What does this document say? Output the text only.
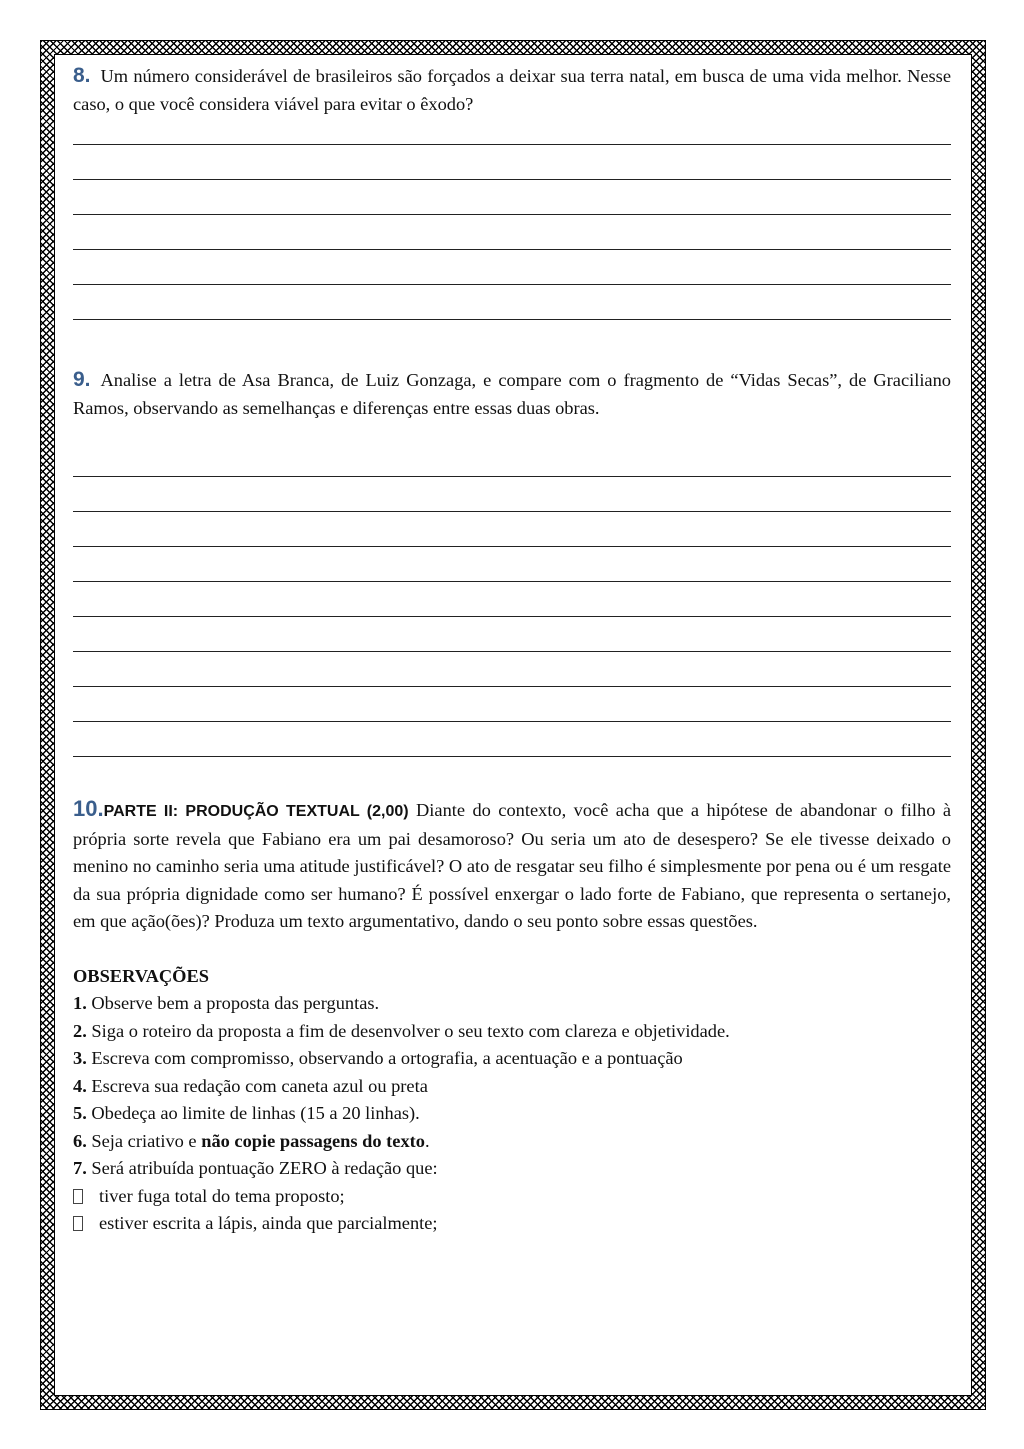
8. Um número considerável de brasileiros são forçados a deixar sua terra natal, em busca de uma vida melhor. Nesse caso, o que você considera viável para evitar o êxodo?

9. Analise a letra de Asa Branca, de Luiz Gonzaga, e compare com o fragmento de “Vidas Secas”, de Graciliano Ramos, observando as semelhanças e diferenças entre essas duas obras.

10.PARTE II: PRODUÇÃO TEXTUAL (2,00) Diante do contexto, você acha que a hipótese de abandonar o filho à própria sorte revela que Fabiano era um pai desamoroso? Ou seria um ato de desespero? Se ele tivesse deixado o menino no caminho seria uma atitude justificável? O ato de resgatar seu filho é simplesmente por pena ou é um resgate da sua própria dignidade como ser humano? É possível enxergar o lado forte de Fabiano, que representa o sertanejo, em que ação(ões)? Produza um texto argumentativo, dando o seu ponto sobre essas questões.

OBSERVAÇÕES

1. Observe bem a proposta das perguntas.

2. Siga o roteiro da proposta a fim de desenvolver o seu texto com clareza e objetividade.

3. Escreva com compromisso, observando a ortografia, a acentuação e a pontuação

4. Escreva sua redação com caneta azul ou preta

5. Obedeça ao limite de linhas (15 a 20 linhas).

6. Seja criativo e não copie passagens do texto.

7. Será atribuída pontuação ZERO à redação que:

tiver fuga total do tema proposto;

estiver escrita a lápis, ainda que parcialmente;
